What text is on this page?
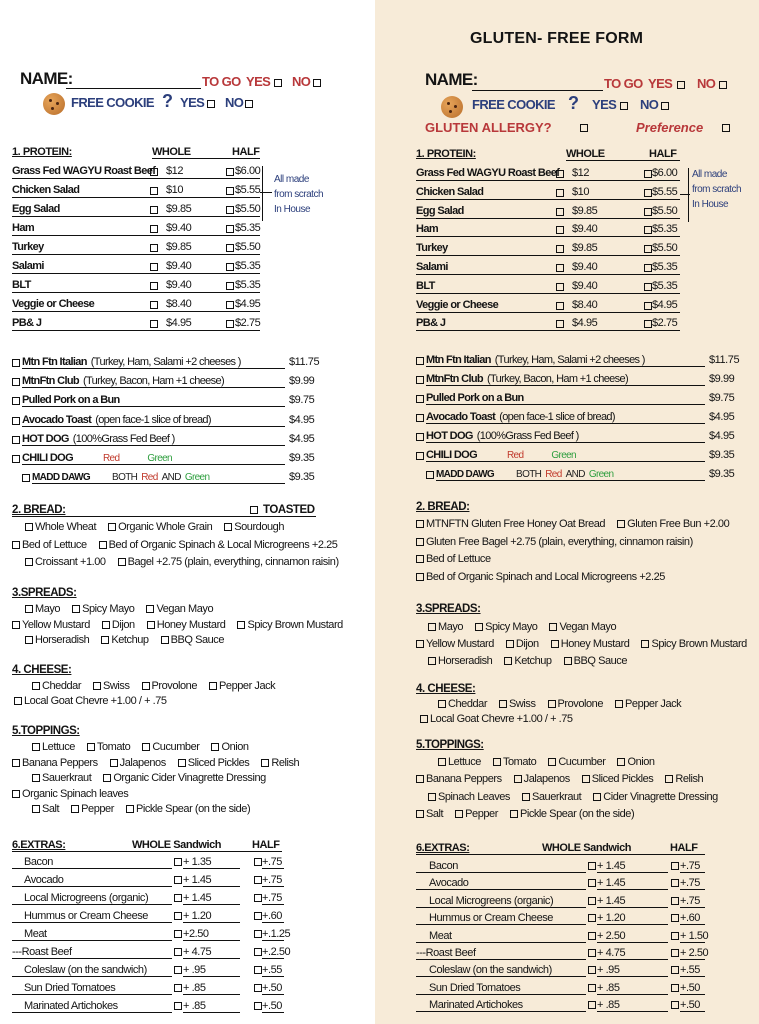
NAME:	TO GO YES NO
FREE COOKIE ? YES NO
1. PROTEIN:	WHOLE	HALF
Grass Fed WAGYU Roast Beef $12	$6.00
Chicken Salad	$10	$5.55
Egg Salad	$9.85	$5.50
Ham	$9.40	$5.35
Turkey	$9.85	$5.50
Salami	$9.40	$5.35
BLT	$9.40	$5.35
Veggie or Cheese	$8.40	$4.95
PB& J	$4.95	$2.75
All made
from scratch
In House
Mtn Ftn Italian (Turkey, Ham, Salami +2 cheeses )	$11.75
MtnFtn Club (Turkey, Bacon, Ham +1 cheese)	$9.99
Pulled Pork on a Bun	$9.75
Avocado Toast (open face-1 slice of bread)	$4.95
HOT DOG (100%Grass Fed Beef )	$4.95
CHILI DOG	Red	Green	$9.35
MADD DAWG BOTH Red AND Green	$9.35
2. BREAD:	TOASTED
Whole Wheat Organic Whole Grain Sourdough
Bed of Lettuce Bed of Organic Spinach & Local Microgreens +2.25
Croissant +1.00 Bagel +2.75 (plain, everything, cinnamon raisin)
3.SPREADS:
Mayo Spicy Mayo Vegan Mayo
Yellow Mustard Dijon Honey Mustard Spicy Brown Mustard
Horseradish Ketchup BBQ Sauce
4. CHEESE:
Cheddar Swiss Provolone Pepper Jack
Local Goat Chevre +1.00 / + .75
5.TOPPINGS:
Lettuce Tomato Cucumber Onion
Banana Peppers Jalapenos Sliced Pickles Relish
Sauerkraut Organic Cider Vinagrette Dressing
Organic Spinach leaves
Salt Pepper Pickle Spear (on the side)
6.EXTRAS:	WHOLE Sandwich	HALF
Bacon	+ 1.35	+.75
Avocado	+ 1.45	+.75
Local Microgreens (organic)	+ 1.45	+.75
Hummus or Cream Cheese	+ 1.20	+.60
Meat	+2.50	+.1.25
---Roast Beef	+ 4.75	+.2.50
Coleslaw (on the sandwich)	+ .95	+.55
Sun Dried Tomatoes	+ .85	+.50
Marinated Artichokes	+ .85	+.50
GLUTEN- FREE FORM
NAME:	TO GO YES NO
FREE COOKIE ? YES NO
GLUTEN ALLERGY?	Preference
1. PROTEIN:	WHOLE	HALF
Grass Fed WAGYU Roast Beef $12	$6.00
Chicken Salad	$10	$5.55
Egg Salad	$9.85	$5.50
Ham	$9.40	$5.35
Turkey	$9.85	$5.50
Salami	$9.40	$5.35
BLT	$9.40	$5.35
Veggie or Cheese	$8.40	$4.95
PB& J	$4.95	$2.75
All made
from scratch
In House
Mtn Ftn Italian (Turkey, Ham, Salami +2 cheeses )	$11.75
MtnFtn Club (Turkey, Bacon, Ham +1 cheese)	$9.99
Pulled Pork on a Bun	$9.75
Avocado Toast (open face-1 slice of bread)	$4.95
HOT DOG (100%Grass Fed Beef )	$4.95
CHILI DOG	Red	Green	$9.35
MADD DAWG BOTH Red AND Green	$9.35
2. BREAD:
MTNFTN Gluten Free Honey Oat Bread Gluten Free Bun +2.00
Gluten Free Bagel +2.75 (plain, everything, cinnamon raisin)
Bed of Lettuce
Bed of Organic Spinach and Local Microgreens +2.25
3.SPREADS:
Mayo Spicy Mayo Vegan Mayo
Yellow Mustard Dijon Honey Mustard Spicy Brown Mustard
Horseradish Ketchup BBQ Sauce
4. CHEESE:
Cheddar Swiss Provolone Pepper Jack
Local Goat Chevre +1.00 / + .75
5.TOPPINGS:
Lettuce Tomato Cucumber Onion
Banana Peppers Jalapenos Sliced Pickles Relish
Spinach Leaves Sauerkraut Cider Vinagrette Dressing
Salt Pepper Pickle Spear (on the side)
6.EXTRAS:	WHOLE Sandwich	HALF
Bacon	+ 1.45	+.75
Avocado	+ 1.45	+.75
Local Microgreens (organic)	+ 1.45	+.75
Hummus or Cream Cheese	+ 1.20	+.60
Meat	+ 2.50	+ 1.50
---Roast Beef	+ 4.75	+ 2.50
Coleslaw (on the sandwich)	+ .95	+.55
Sun Dried Tomatoes	+ .85	+.50
Marinated Artichokes	+ .85	+.50
